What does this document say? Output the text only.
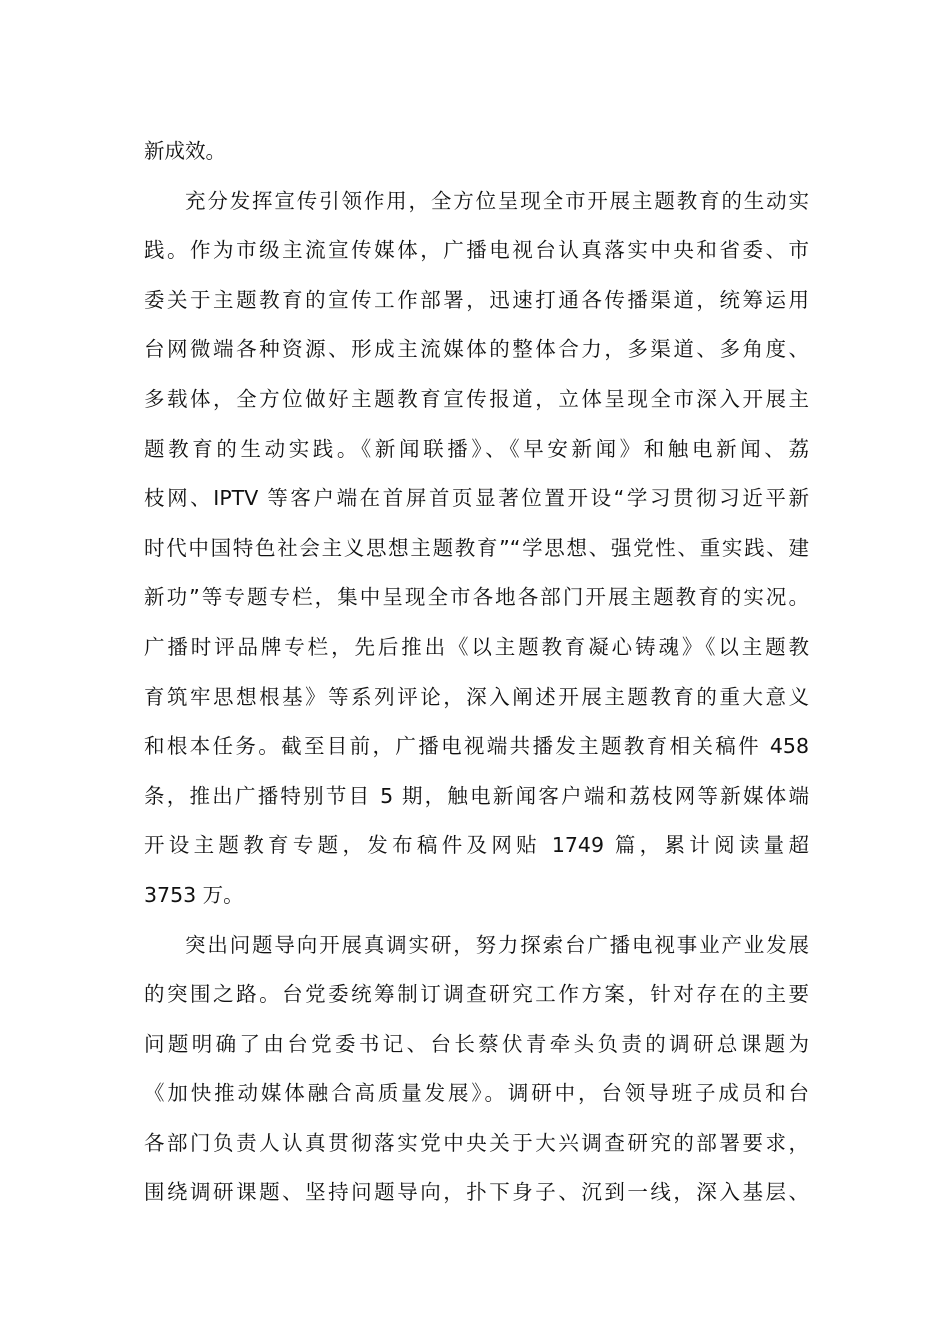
新成效。
充分发挥宣传引领作用，全方位呈现全市开展主题教育的生动实
践。作为市级主流宣传媒体，广播电视台认真落实中央和省委、市
委关于主题教育的宣传工作部署，迅速打通各传播渠道，统筹运用
台网微端各种资源、形成主流媒体的整体合力，多渠道、多角度、
多载体，全方位做好主题教育宣传报道，立体呈现全市深入开展主
题教育的生动实践。《新闻联播》、《早安新闻》和触电新闻、荔
枝网、IPTV 等客户端在首屏首页显著位置开设“学习贯彻习近平新
时代中国特色社会主义思想主题教育”“学思想、强党性、重实践、建
新功”等专题专栏，集中呈现全市各地各部门开展主题教育的实况。
广播时评品牌专栏，先后推出《以主题教育凝心铸魂》《以主题教
育筑牢思想根基》等系列评论，深入阐述开展主题教育的重大意义
和根本任务。截至目前，广播电视端共播发主题教育相关稿件 458
条，推出广播特别节目 5 期，触电新闻客户端和荔枝网等新媒体端
开设主题教育专题，发布稿件及网贴 1749 篇，累计阅读量超
3753 万。
突出问题导向开展真调实研，努力探索台广播电视事业产业发展
的突围之路。台党委统筹制订调查研究工作方案，针对存在的主要
问题明确了由台党委书记、台长蔡伏青牵头负责的调研总课题为
《加快推动媒体融合高质量发展》。调研中，台领导班子成员和台
各部门负责人认真贯彻落实党中央关于大兴调查研究的部署要求，
围绕调研课题、坚持问题导向，扑下身子、沉到一线，深入基层、
